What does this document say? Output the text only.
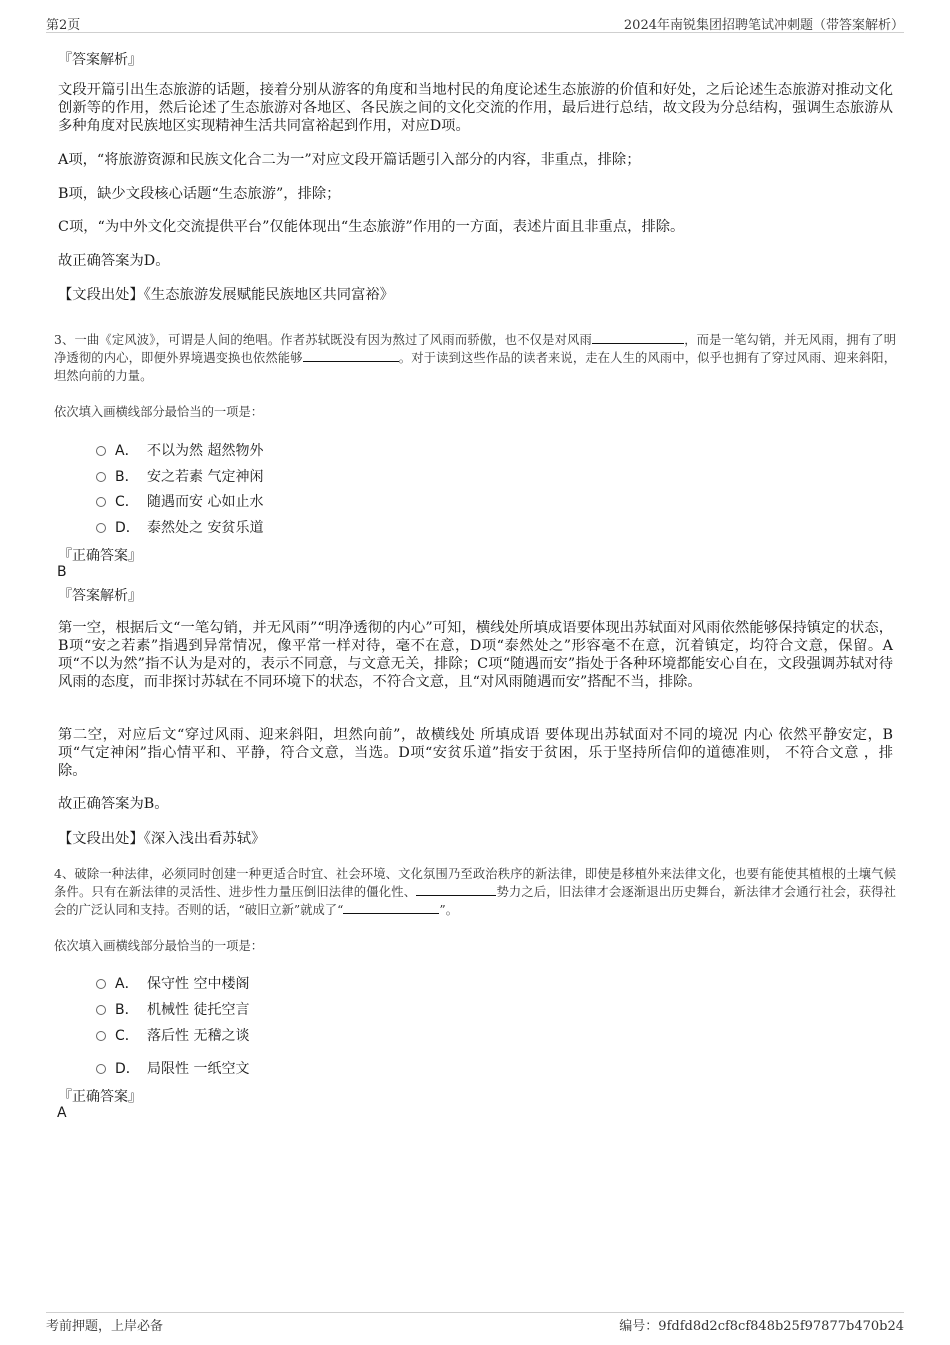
第2页	2024年南锐集团招聘笔试冲刺题（带答案解析）
『答案解析』
文段开篇引出生态旅游的话题，接着分别从游客的角度和当地村民的角度论述生态旅游的价值和好处，之后论述生态旅游对推动文化创新等的作用，然后论述了生态旅游对各地区、各民族之间的文化交流的作用，最后进行总结，故文段为分总结构，强调生态旅游从多种角度对民族地区实现精神生活共同富裕起到作用，对应D项。
A项，“将旅游资源和民族文化合二为一”对应文段开篇话题引入部分的内容，非重点，排除；
B项，缺少文段核心话题“生态旅游”，排除；
C项，“为中外文化交流提供平台”仅能体现出“生态旅游”作用的一方面，表述片面且非重点，排除。
故正确答案为D。
【文段出处】《生态旅游发展赋能民族地区共同富裕》
3、一曲《定风波》，可谓是人间的绝唱。作者苏轼既没有因为熬过了风雨而骄傲，也不仅是对风雨	，而是一笔勾销，并无风雨，拥有了明净透彻的内心，即便外界境遇变换也依然能够	。对于读到这些作品的读者来说，走在人生的风雨中，似乎也拥有了穿过风雨、迎来斜阳，坦然向前的力量。
依次填入画横线部分最恰当的一项是：
A． 不以为然 超然物外
B． 安之若素 气定神闲
C． 随遇而安 心如止水
D． 泰然处之 安贫乐道
『正确答案』
B
『答案解析』
第一空，根据后文“一笔勾销，并无风雨”“明净透彻的内心”可知，横线处所填成语要体现出苏轼面对风雨依然能够保持镇定的状态，B项“安之若素”指遇到异常情况，像平常一样对待，毫不在意，D项“泰然处之”形容毫不在意，沉着镇定，均符合文意，保留。A项“不以为然”指不认为是对的，表示不同意，与文意无关，排除；C项“随遇而安”指处于各种环境都能安心自在，文段强调苏轼对待风雨的态度，而非探讨苏轼在不同环境下的状态，不符合文意，且“对风雨随遇而安”搭配不当，排除。
第二空，对应后文“穿过风雨、迎来斜阳，坦然向前”，故横线处 所填成语 要体现出苏轼面对不同的境况 内心 依然平静安定，B项“气定神闲”指心情平和、平静，符合文意，当选。D项“安贫乐道”指安于贫困，乐于坚持所信仰的道德准则， 不符合文意 ，排除。
故正确答案为B。
【文段出处】《深入浅出看苏轼》
4、破除一种法律，必须同时创建一种更适合时宜、社会环境、文化氛围乃至政治秩序的新法律，即使是移植外来法律文化，也要有能使其植根的土壤气候条件。只有在新法律的灵活性、进步性力量压倒旧法律的僵化性、	势力之后，旧法律才会逐渐退出历史舞台，新法律才会通行社会，获得社会的广泛认同和支持。否则的话，“破旧立新”就成了“	”。
依次填入画横线部分最恰当的一项是：
A． 保守性 空中楼阁
B． 机械性 徒托空言
C． 落后性 无稽之谈
D． 局限性 一纸空文
『正确答案』
A
考前押题，上岸必备	编号：9fdfd8d2cf8cf848b25f97877b470b24
